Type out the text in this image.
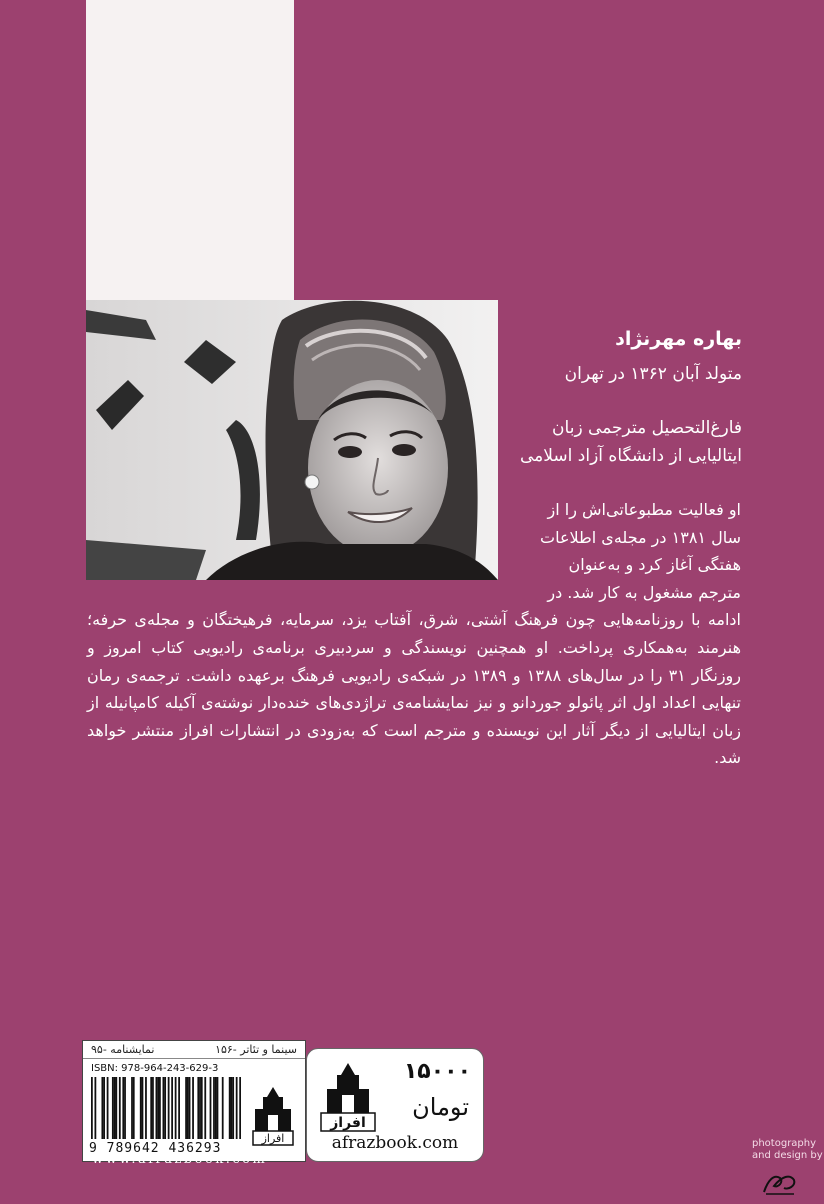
بهاره مهرنژاد
متولد آبان ۱۳۶۲ در تهران
فارغ‌التحصیل مترجمی زبان
ایتالیایی از دانشگاه آزاد اسلامی

او فعالیت مطبوعاتی‌اش را از

سال ۱۳۸۱ در مجله‌ی اطلاعات

هفتگی آغاز کرد و به‌عنوان

مترجم مشغول به کار شد. در

ادامه با روزنامه‌هایی چون فرهنگ آشتی، شرق، آفتاب یزد، سرمایه، فرهیختگان و مجله‌ی حرفه؛ هنرمند به‌همکاری پرداخت. او همچنین نویسندگی و سردبیری برنامه‌ی رادیویی کتاب امروز و روزنگار ۳۱ را در سال‌های ۱۳۸۸ و ۱۳۸۹ در شبکه‌ی رادیویی فرهنگ برعهده داشت. ترجمه‌ی رمان تنهایی اعداد اول اثر پائولو جوردانو و نیز نمایشنامه‌ی تراژدی‌های خنده‌دار نوشته‌ی آکیله کامپانیله از زبان ایتالیایی از دیگر آثار این نویسنده و مترجم است که به‌زودی در انتشارات افراز منتشر خواهد شد.

سینما و تئاتر -۱۵۶
نمایشنامه -۹۵
ISBN: 978-964-243-629-3
9 789642 436293
افراز
افراز
۱۵۰۰۰
تومان
afrazbook.com
www.afrazbook.com
photography
and design by
